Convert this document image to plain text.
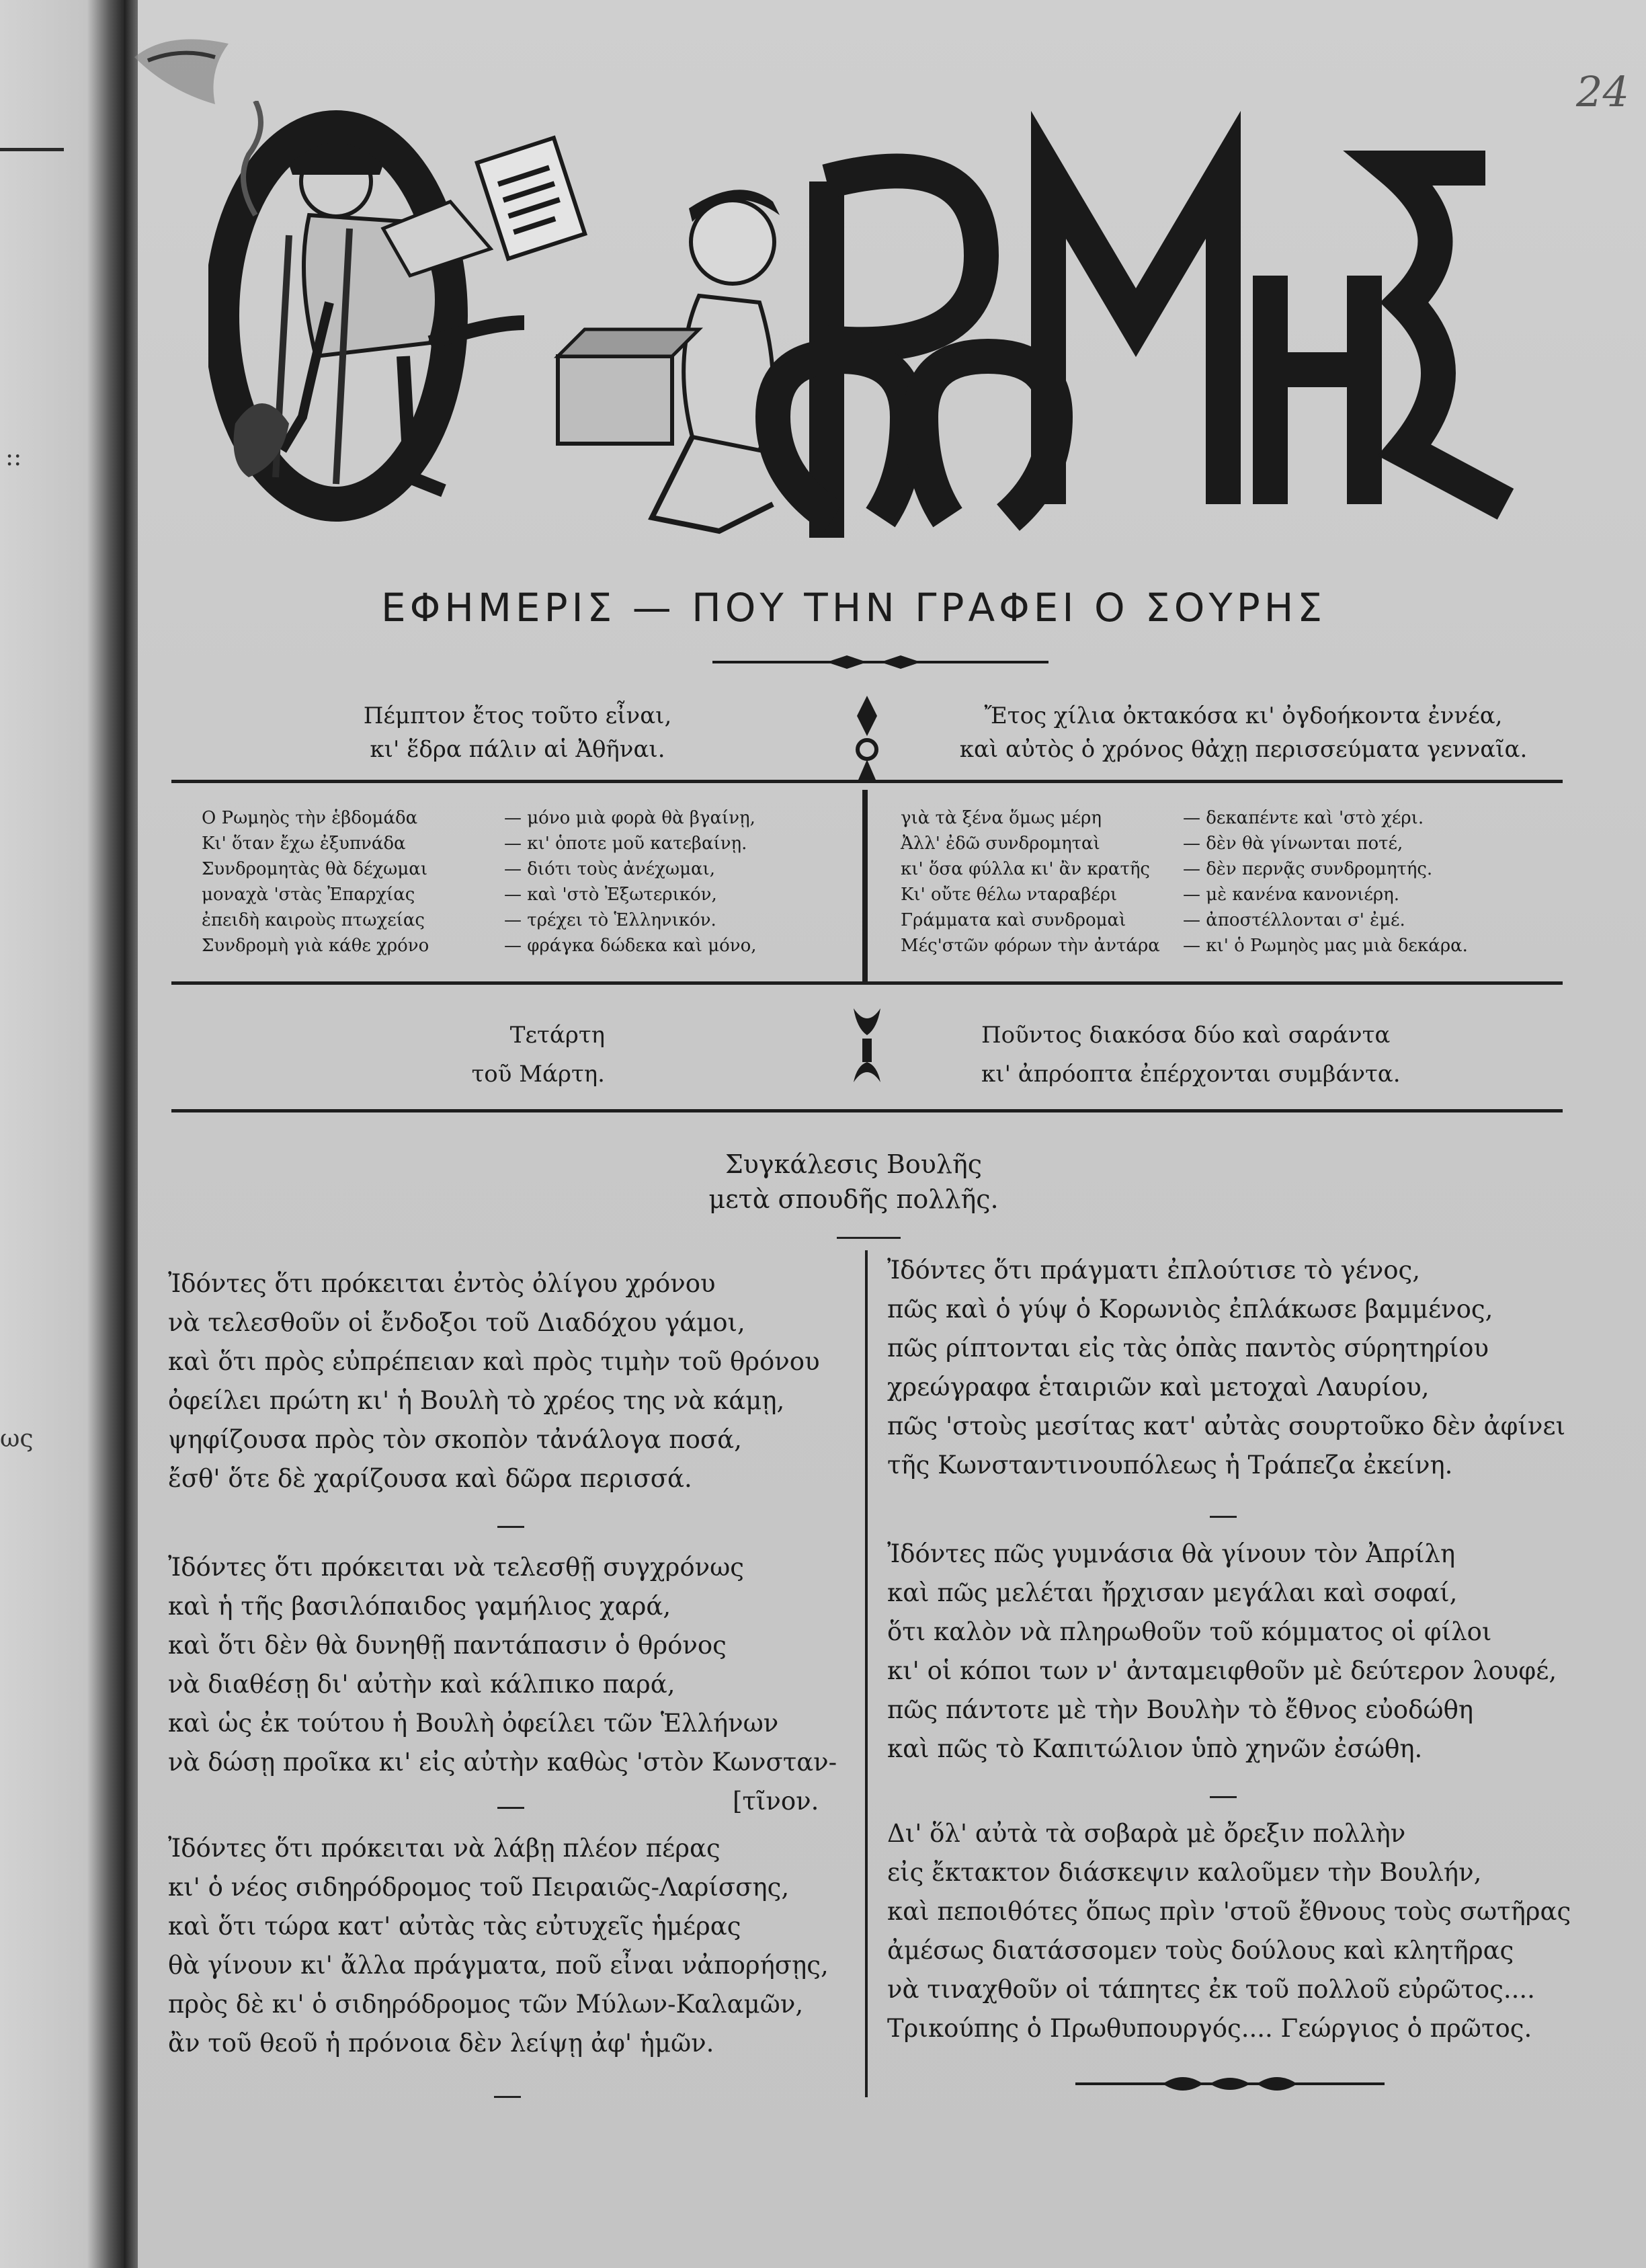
::
ως
24
ΕΦΗΜΕΡΙΣ — ΠΟΥ ΤΗΝ ΓΡΑΦΕΙ Ο ΣΟΥΡΗΣ
Πέμπτον ἔτος τοῦτο εἶναι,
κι' ἕδρα πάλιν αἱ Ἀθῆναι.
Ἔτος χίλια ὀκτακόσα κι' ὀγδοήκοντα ἐννέα,
καὶ αὐτὸς ὁ χρόνος θἀχῃ περισσεύματα γενναῖα.
Ο Ρωμηὸς τὴν ἑβδομάδα	— μόνο μιὰ φορὰ θὰ βγαίνῃ,
Κι' ὅταν ἔχω ἐξυπνάδα	— κι' ὁποτε μοῦ κατεβαίνῃ.
Συνδρομητὰς θὰ δέχωμαι	— διότι τοὺς ἀνέχωμαι,
μοναχὰ 'στὰς Ἐπαρχίας	— καὶ 'στὸ Ἐξωτερικόν,
ἐπειδὴ καιροὺς πτωχείας	— τρέχει τὸ Ἑλληνικόν.
Συνδρομὴ γιὰ κάθε χρόνο	— φράγκα δώδεκα καὶ μόνο,
γιὰ τὰ ξένα ὅμως μέρη	— δεκαπέντε καὶ 'στὸ χέρι.
Ἀλλ' ἐδῶ συνδρομηταὶ	— δὲν θὰ γίνωνται ποτέ,
κι' ὅσα φύλλα κι' ἂν κρατῆς — δὲν περνᾷς συνδρομητής.
Κι' οὔτε θέλω νταραβέρι	— μὲ κανένα κανονιέρη.
Γράμματα καὶ συνδρομαὶ	— ἀποστέλλονται σ' ἐμέ.
Μές'στῶν φόρων τὴν ἀντάρα — κι' ὁ Ρωμηὸς μας μιὰ δεκάρα.
Τετάρτη
τοῦ Μάρτη.
Ποῦντος διακόσα δύο καὶ σαράντα
κι' ἀπρόοπτα ἐπέρχονται συμβάντα.
Συγκάλεσις Βουλῆς
μετὰ σπουδῆς πολλῆς.
Ἰδόντες ὅτι πρόκειται ἐντὸς ὀλίγου χρόνου
νὰ τελεσθοῦν οἱ ἔνδοξοι τοῦ Διαδόχου γάμοι,
καὶ ὅτι πρὸς εὐπρέπειαν καὶ πρὸς τιμὴν τοῦ θρόνου
ὀφείλει πρώτη κι' ἡ Βουλὴ τὸ χρέος της νὰ κάμῃ,
ψηφίζουσα πρὸς τὸν σκοπὸν τἀνάλογα ποσά,
ἔσθ' ὅτε δὲ χαρίζουσα καὶ δῶρα περισσά.
Ἰδόντες ὅτι πρόκειται νὰ τελεσθῇ συγχρόνως
καὶ ἡ τῆς βασιλόπαιδος γαμήλιος χαρά,
καὶ ὅτι δὲν θὰ δυνηθῇ παντάπασιν ὁ θρόνος
νὰ διαθέσῃ δι' αὐτὴν καὶ κάλπικο παρά,
καὶ ὡς ἐκ τούτου ἡ Βουλὴ ὀφείλει τῶν Ἑλλήνων
νὰ δώσῃ προῖκα κι' εἰς αὐτὴν καθὼς 'στὸν Κωνσταν-
[τῖνον.
Ἰδόντες ὅτι πρόκειται νὰ λάβῃ πλέον πέρας
κι' ὁ νέος σιδηρόδρομος τοῦ Πειραιῶς-Λαρίσσης,
καὶ ὅτι τώρα κατ' αὐτὰς τὰς εὐτυχεῖς ἡμέρας
θὰ γίνουν κι' ἄλλα πράγματα, ποῦ εἶναι νἀπορήσῃς,
πρὸς δὲ κι' ὁ σιδηρόδρομος τῶν Μύλων-Καλαμῶν,
ἂν τοῦ θεοῦ ἡ πρόνοια δὲν λείψῃ ἀφ' ἡμῶν.
Ἰδόντες ὅτι πράγματι ἐπλούτισε τὸ γένος,
πῶς καὶ ὁ γύψ ὁ Κορωνιὸς ἐπλάκωσε βαμμένος,
πῶς ρίπτονται εἰς τὰς ὀπὰς παντὸς σύρητηρίου
χρεώγραφα ἑταιριῶν καὶ μετοχαὶ Λαυρίου,
πῶς 'στοὺς μεσίτας κατ' αὐτὰς σουρτοῦκο δὲν ἀφίνει
τῆς Κωνσταντινουπόλεως ἡ Τράπεζα ἐκείνη.
Ἰδόντες πῶς γυμνάσια θὰ γίνουν τὸν Ἀπρίλη
καὶ πῶς μελέται ἤρχισαν μεγάλαι καὶ σοφαί,
ὅτι καλὸν νὰ πληρωθοῦν τοῦ κόμματος οἱ φίλοι
κι' οἱ κόποι των ν' ἀνταμειφθοῦν μὲ δεύτερον λουφέ,
πῶς πάντοτε μὲ τὴν Βουλὴν τὸ ἔθνος εὐοδώθη
καὶ πῶς τὸ Καπιτώλιον ὑπὸ χηνῶν ἐσώθη.
Δι' ὅλ' αὐτὰ τὰ σοβαρὰ μὲ ὄρεξιν πολλὴν
εἰς ἔκτακτον διάσκεψιν καλοῦμεν τὴν Βουλήν,
καὶ πεποιθότες ὅπως πρὶν 'στοῦ ἔθνους τοὺς σωτῆρας
ἀμέσως διατάσσομεν τοὺς δούλους καὶ κλητῆρας
νὰ τιναχθοῦν οἱ τάπητες ἐκ τοῦ πολλοῦ εὐρῶτος....
Τρικούπης ὁ Πρωθυπουργός.... Γεώργιος ὁ πρῶτος.
